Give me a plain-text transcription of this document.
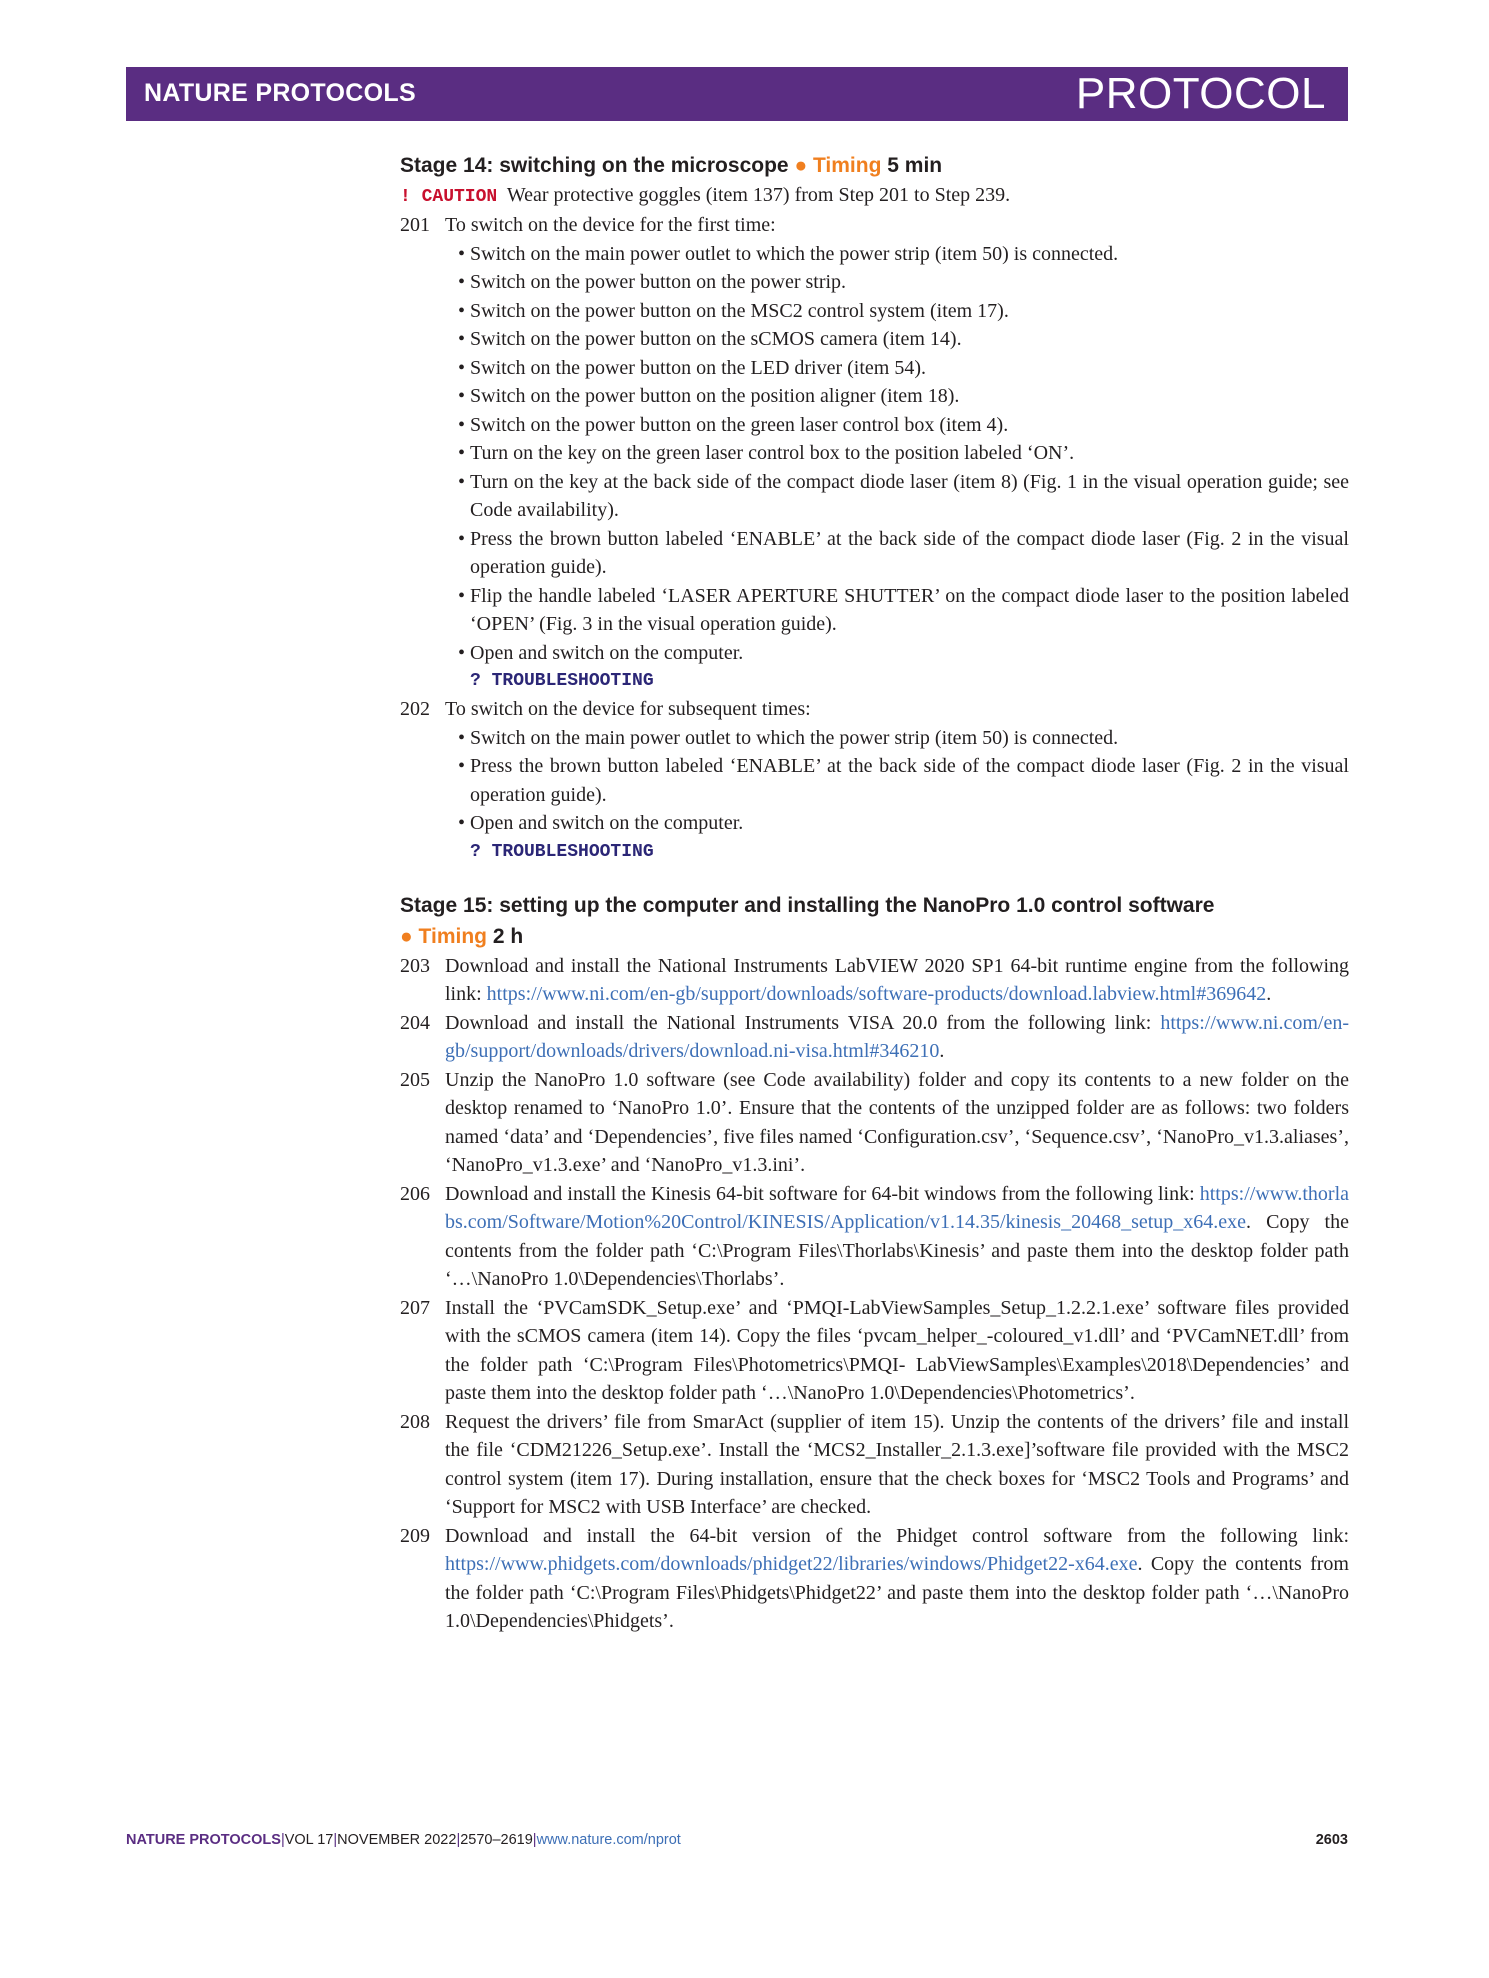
NATURE PROTOCOLS	PROTOCOL

Stage 14: switching on the microscope ● Timing 5 min

! CAUTION Wear protective goggles (item 137) from Step 201 to Step 239.
201 To switch on the device for the first time:
• Switch on the main power outlet to which the power strip (item 50) is connected.
• Switch on the power button on the power strip.
• Switch on the power button on the MSC2 control system (item 17).
• Switch on the power button on the sCMOS camera (item 14).
• Switch on the power button on the LED driver (item 54).
• Switch on the power button on the position aligner (item 18).
• Switch on the power button on the green laser control box (item 4).
• Turn on the key on the green laser control box to the position labeled ‘ON’.
• Turn on the key at the back side of the compact diode laser (item 8) (Fig. 1 in the visual operation guide; see Code availability).
• Press the brown button labeled ‘ENABLE’ at the back side of the compact diode laser (Fig. 2 in the visual operation guide).
• Flip the handle labeled ‘LASER APERTURE SHUTTER’ on the compact diode laser to the position labeled ‘OPEN’ (Fig. 3 in the visual operation guide).
• Open and switch on the computer.
? TROUBLESHOOTING
202 To switch on the device for subsequent times:
• Switch on the main power outlet to which the power strip (item 50) is connected.
• Press the brown button labeled ‘ENABLE’ at the back side of the compact diode laser (Fig. 2 in the visual operation guide).
• Open and switch on the computer.
? TROUBLESHOOTING

Stage 15: setting up the computer and installing the NanoPro 1.0 control software
● Timing 2 h

203 Download and install the National Instruments LabVIEW 2020 SP1 64-bit runtime engine from the following link: https://www.ni.com/en-gb/support/downloads/software-products/download.labview.html#369642.
204 Download and install the National Instruments VISA 20.0 from the following link: https://www.ni.com/en-gb/support/downloads/drivers/download.ni-visa.html#346210.
205 Unzip the NanoPro 1.0 software (see Code availability) folder and copy its contents to a new folder on the desktop renamed to ‘NanoPro 1.0’. Ensure that the contents of the unzipped folder are as follows: two folders named ‘data’ and ‘Dependencies’, five files named ‘Configuration.csv’, ‘Sequence.csv’, ‘NanoPro_v1.3.aliases’, ‘NanoPro_v1.3.exe’ and ‘NanoPro_v1.3.ini’.
206 Download and install the Kinesis 64-bit software for 64-bit windows from the following link: https://www.thorlabs.com/Software/Motion%20Control/KINESIS/Application/v1.14.35/kinesis_20468_setup_x64.exe. Copy the contents from the folder path ‘C:\Program Files\Thorlabs\Kinesis’ and paste them into the desktop folder path ‘…\NanoPro 1.0\Dependencies\Thorlabs’.
207 Install the ‘PVCamSDK_Setup.exe’ and ‘PMQI-LabViewSamples_Setup_1.2.2.1.exe’ software files provided with the sCMOS camera (item 14). Copy the files ‘pvcam_helper_-coloured_v1.dll’ and ‘PVCamNET.dll’ from the folder path ‘C:\Program Files\Photometrics\PMQI- LabViewSamples\Examples\2018\Dependencies’ and paste them into the desktop folder path ‘…\NanoPro 1.0\Dependencies\Photometrics’.
208 Request the drivers’ file from SmarAct (supplier of item 15). Unzip the contents of the drivers’ file and install the file ‘CDM21226_Setup.exe’. Install the ‘MCS2_Installer_2.1.3.exe]’software file provided with the MSC2 control system (item 17). During installation, ensure that the check boxes for ‘MSC2 Tools and Programs’ and ‘Support for MSC2 with USB Interface’ are checked.
209 Download and install the 64-bit version of the Phidget control software from the following link: https://www.phidgets.com/downloads/phidget22/libraries/windows/Phidget22-x64.exe. Copy the contents from the folder path ‘C:\Program Files\Phidgets\Phidget22’ and paste them into the desktop folder path ‘…\NanoPro 1.0\Dependencies\Phidgets’.
NATURE PROTOCOLS|VOL 17|NOVEMBER 2022|2570–2619|www.nature.com/nprot	2603
